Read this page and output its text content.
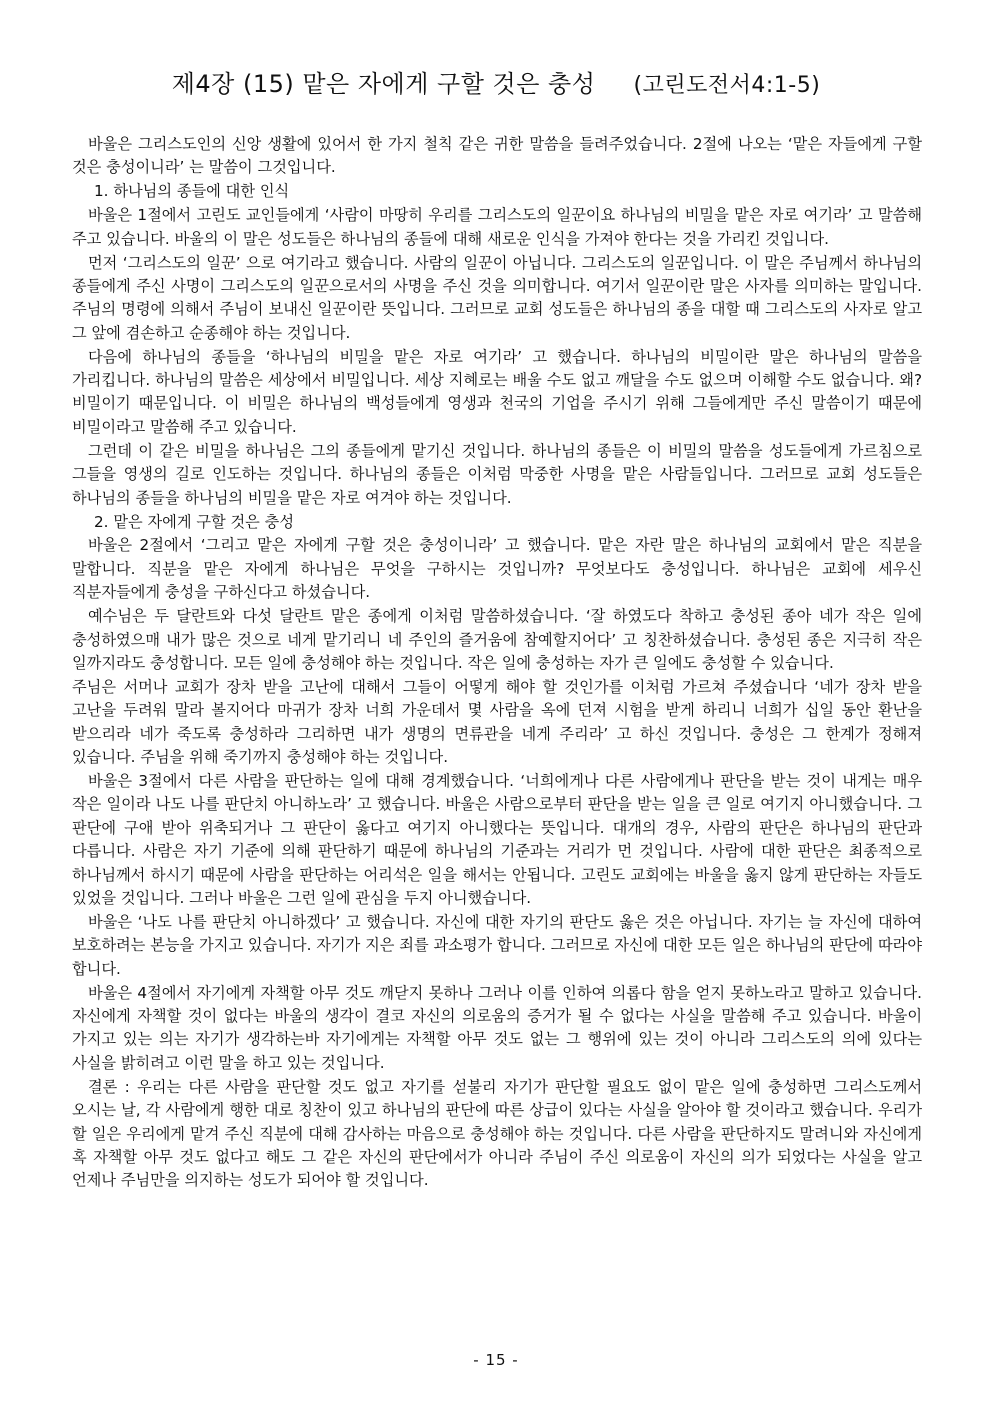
제4장 (15) 맡은 자에게 구할 것은 충성 (고린도전서4:1-5)

바울은 그리스도인의 신앙 생활에 있어서 한 가지 철칙 같은 귀한 말씀을 들려주었습니다. 2절에 나오는 ‘맡은 자들에게 구할 것은 충성이니라’ 는 말씀이 그것입니다.

1. 하나님의 종들에 대한 인식

바울은 1절에서 고린도 교인들에게 ‘사람이 마땅히 우리를 그리스도의 일꾼이요 하나님의 비밀을 맡은 자로 여기라’ 고 말씀해 주고 있습니다. 바울의 이 말은 성도들은 하나님의 종들에 대해 새로운 인식을 가져야 한다는 것을 가리킨 것입니다.

먼저 ‘그리스도의 일꾼’ 으로 여기라고 했습니다. 사람의 일꾼이 아닙니다. 그리스도의 일꾼입니다. 이 말은 주님께서 하나님의 종들에게 주신 사명이 그리스도의 일꾼으로서의 사명을 주신 것을 의미합니다. 여기서 일꾼이란 말은 사자를 의미하는 말입니다. 주님의 명령에 의해서 주님이 보내신 일꾼이란 뜻입니다. 그러므로 교회 성도들은 하나님의 종을 대할 때 그리스도의 사자로 알고 그 앞에 겸손하고 순종해야 하는 것입니다.

다음에 하나님의 종들을 ‘하나님의 비밀을 맡은 자로 여기라’ 고 했습니다. 하나님의 비밀이란 말은 하나님의 말씀을 가리킵니다. 하나님의 말씀은 세상에서 비밀입니다. 세상 지혜로는 배울 수도 없고 깨달을 수도 없으며 이해할 수도 없습니다. 왜? 비밀이기 때문입니다. 이 비밀은 하나님의 백성들에게 영생과 천국의 기업을 주시기 위해 그들에게만 주신 말씀이기 때문에 비밀이라고 말씀해 주고 있습니다.

그런데 이 같은 비밀을 하나님은 그의 종들에게 맡기신 것입니다. 하나님의 종들은 이 비밀의 말씀을 성도들에게 가르침으로 그들을 영생의 길로 인도하는 것입니다. 하나님의 종들은 이처럼 막중한 사명을 맡은 사람들입니다. 그러므로 교회 성도들은 하나님의 종들을 하나님의 비밀을 맡은 자로 여겨야 하는 것입니다.

2. 맡은 자에게 구할 것은 충성

바울은 2절에서 ‘그리고 맡은 자에게 구할 것은 충성이니라’ 고 했습니다. 맡은 자란 말은 하나님의 교회에서 맡은 직분을 말합니다. 직분을 맡은 자에게 하나님은 무엇을 구하시는 것입니까? 무엇보다도 충성입니다. 하나님은 교회에 세우신 직분자들에게 충성을 구하신다고 하셨습니다.

예수님은 두 달란트와 다섯 달란트 맡은 종에게 이처럼 말씀하셨습니다. ‘잘 하였도다 착하고 충성된 종아 네가 작은 일에 충성하였으매 내가 많은 것으로 네게 맡기리니 네 주인의 즐거움에 참예할지어다’ 고 칭찬하셨습니다. 충성된 종은 지극히 작은 일까지라도 충성합니다. 모든 일에 충성해야 하는 것입니다. 작은 일에 충성하는 자가 큰 일에도 충성할 수 있습니다.

주님은 서머나 교회가 장차 받을 고난에 대해서 그들이 어떻게 해야 할 것인가를 이처럼 가르쳐 주셨습니다 ‘네가 장차 받을 고난을 두려워 말라 볼지어다 마귀가 장차 너희 가운데서 몇 사람을 옥에 던져 시험을 받게 하리니 너희가 십일 동안 환난을 받으리라 네가 죽도록 충성하라 그리하면 내가 생명의 면류관을 네게 주리라’ 고 하신 것입니다. 충성은 그 한계가 정해져 있습니다. 주님을 위해 죽기까지 충성해야 하는 것입니다.

바울은 3절에서 다른 사람을 판단하는 일에 대해 경계했습니다. ‘너희에게나 다른 사람에게나 판단을 받는 것이 내게는 매우 작은 일이라 나도 나를 판단치 아니하노라’ 고 했습니다. 바울은 사람으로부터 판단을 받는 일을 큰 일로 여기지 아니했습니다. 그 판단에 구애 받아 위축되거나 그 판단이 옳다고 여기지 아니했다는 뜻입니다. 대개의 경우, 사람의 판단은 하나님의 판단과 다릅니다. 사람은 자기 기준에 의해 판단하기 때문에 하나님의 기준과는 거리가 먼 것입니다. 사람에 대한 판단은 최종적으로 하나님께서 하시기 때문에 사람을 판단하는 어리석은 일을 해서는 안됩니다. 고린도 교회에는 바울을 옳지 않게 판단하는 자들도 있었을 것입니다. 그러나 바울은 그런 일에 관심을 두지 아니했습니다.

바울은 ‘나도 나를 판단치 아니하겠다’ 고 했습니다. 자신에 대한 자기의 판단도 옳은 것은 아닙니다. 자기는 늘 자신에 대하여 보호하려는 본능을 가지고 있습니다. 자기가 지은 죄를 과소평가 합니다. 그러므로 자신에 대한 모든 일은 하나님의 판단에 따라야 합니다.

바울은 4절에서 자기에게 자책할 아무 것도 깨닫지 못하나 그러나 이를 인하여 의롭다 함을 얻지 못하노라고 말하고 있습니다. 자신에게 자책할 것이 없다는 바울의 생각이 결코 자신의 의로움의 증거가 될 수 없다는 사실을 말씀해 주고 있습니다. 바울이 가지고 있는 의는 자기가 생각하는바 자기에게는 자책할 아무 것도 없는 그 행위에 있는 것이 아니라 그리스도의 의에 있다는 사실을 밝히려고 이런 말을 하고 있는 것입니다.

결론 : 우리는 다른 사람을 판단할 것도 없고 자기를 섣불리 자기가 판단할 필요도 없이 맡은 일에 충성하면 그리스도께서 오시는 날, 각 사람에게 행한 대로 칭찬이 있고 하나님의 판단에 따른 상급이 있다는 사실을 알아야 할 것이라고 했습니다. 우리가 할 일은 우리에게 맡겨 주신 직분에 대해 감사하는 마음으로 충성해야 하는 것입니다. 다른 사람을 판단하지도 말려니와 자신에게 혹 자책할 아무 것도 없다고 해도 그 같은 자신의 판단에서가 아니라 주님이 주신 의로움이 자신의 의가 되었다는 사실을 알고 언제나 주님만을 의지하는 성도가 되어야 할 것입니다.

- 15 -
